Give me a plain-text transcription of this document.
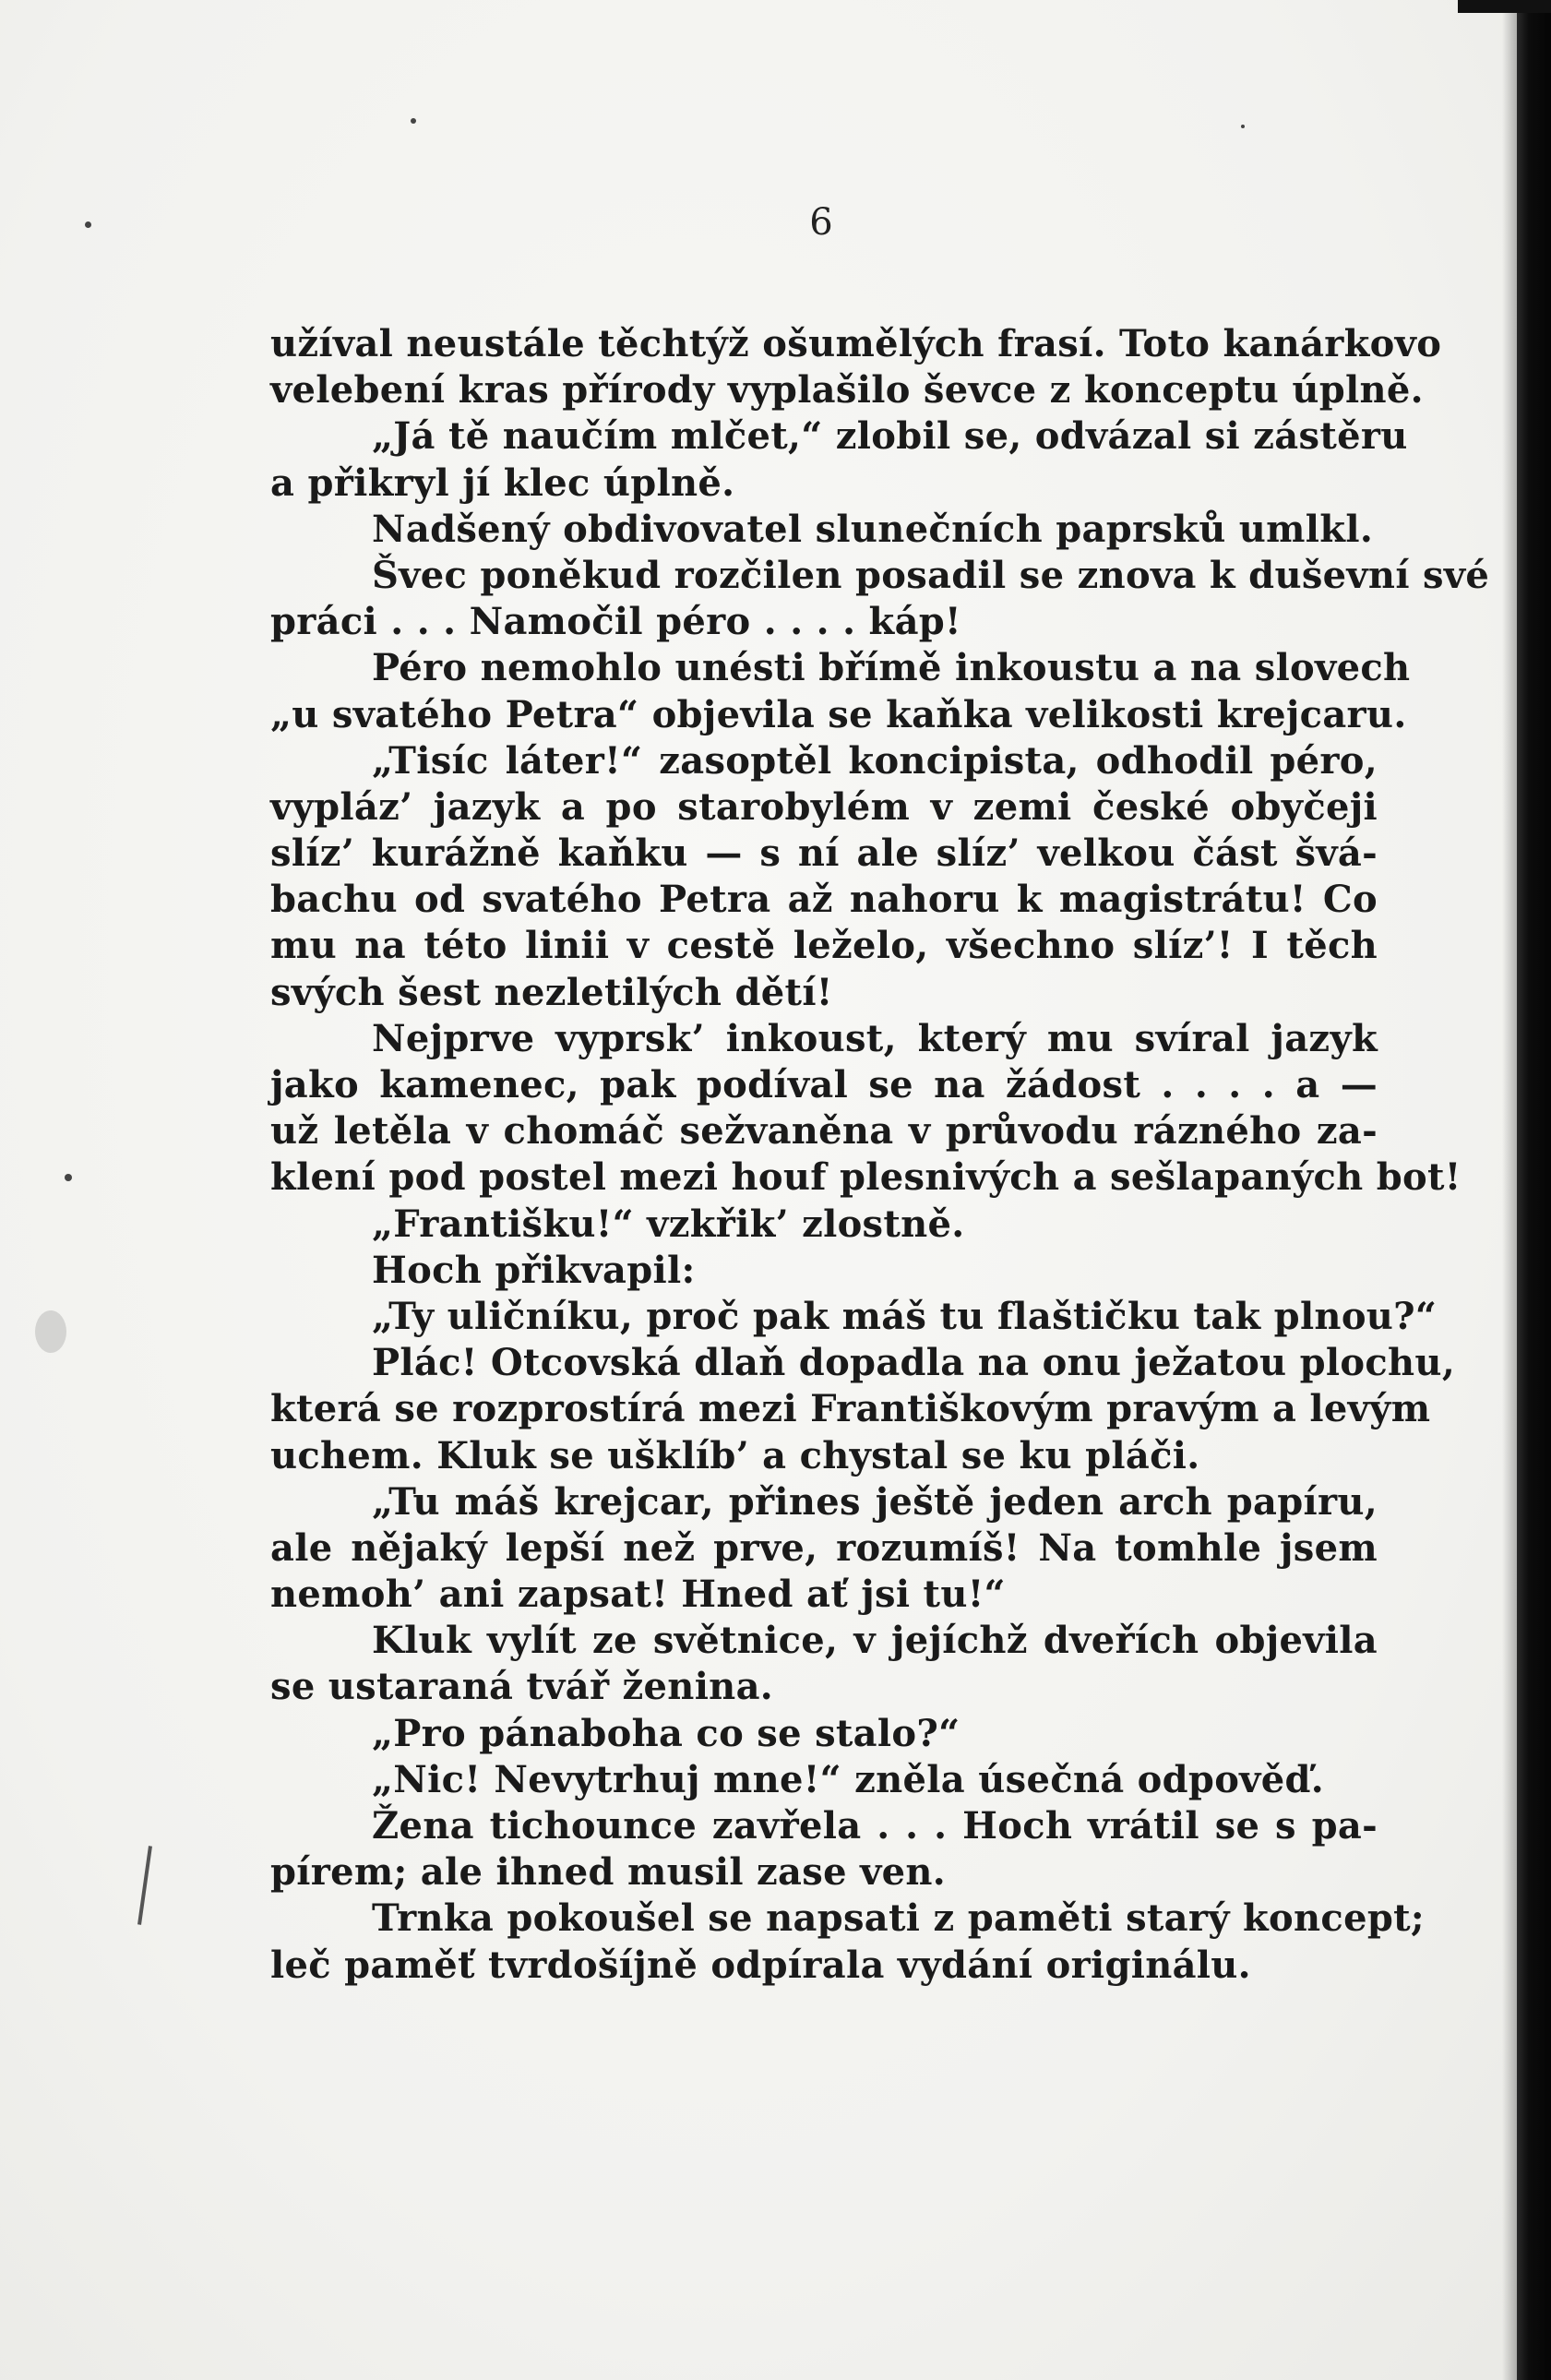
6
užíval neustále těchtýž ošumělých frasí. Toto kanárkovo
velebení kras přírody vyplašilo ševce z konceptu úplně.
„Já tě naučím mlčet,“ zlobil se, odvázal si zástěru
a přikryl jí klec úplně.
Nadšený obdivovatel slunečních paprsků umlkl.
Švec poněkud rozčilen posadil se znova k duševní své
práci . . . Namočil péro . . . . káp!
Péro nemohlo unésti břímě inkoustu a na slovech
„u svatého Petra“ objevila se kaňka velikosti krejcaru.
„Tisíc láter!“ zasoptěl koncipista, odhodil péro,
vypláz’ jazyk a po starobylém v zemi české obyčeji
slíz’ kurážně kaňku — s ní ale slíz’ velkou část švá-
bachu od svatého Petra až nahoru k magistrátu! Co
mu na této linii v cestě leželo, všechno slíz’! I těch
svých šest nezletilých dětí!
Nejprve vyprsk’ inkoust, který mu svíral jazyk
jako kamenec, pak podíval se na žádost . . . . a —
už letěla v chomáč sežvaněna v průvodu rázného za-
klení pod postel mezi houf plesnivých a sešlapaných bot!
„Františku!“ vzkřik’ zlostně.
Hoch přikvapil:
„Ty uličníku, proč pak máš tu flaštičku tak plnou?“
Plác! Otcovská dlaň dopadla na onu ježatou plochu,
která se rozprostírá mezi Františkovým pravým a levým
uchem. Kluk se ušklíb’ a chystal se ku pláči.
„Tu máš krejcar, přines ještě jeden arch papíru,
ale nějaký lepší než prve, rozumíš! Na tomhle jsem
nemoh’ ani zapsat! Hned ať jsi tu!“
Kluk vylít ze světnice, v jejíchž dveřích objevila
se ustaraná tvář ženina.
„Pro pánaboha co se stalo?“
„Nic! Nevytrhuj mne!“ zněla úsečná odpověď.
Žena tichounce zavřela . . . Hoch vrátil se s pa-
pírem; ale ihned musil zase ven.
Trnka pokoušel se napsati z paměti starý koncept;
leč paměť tvrdošíjně odpírala vydání originálu.
